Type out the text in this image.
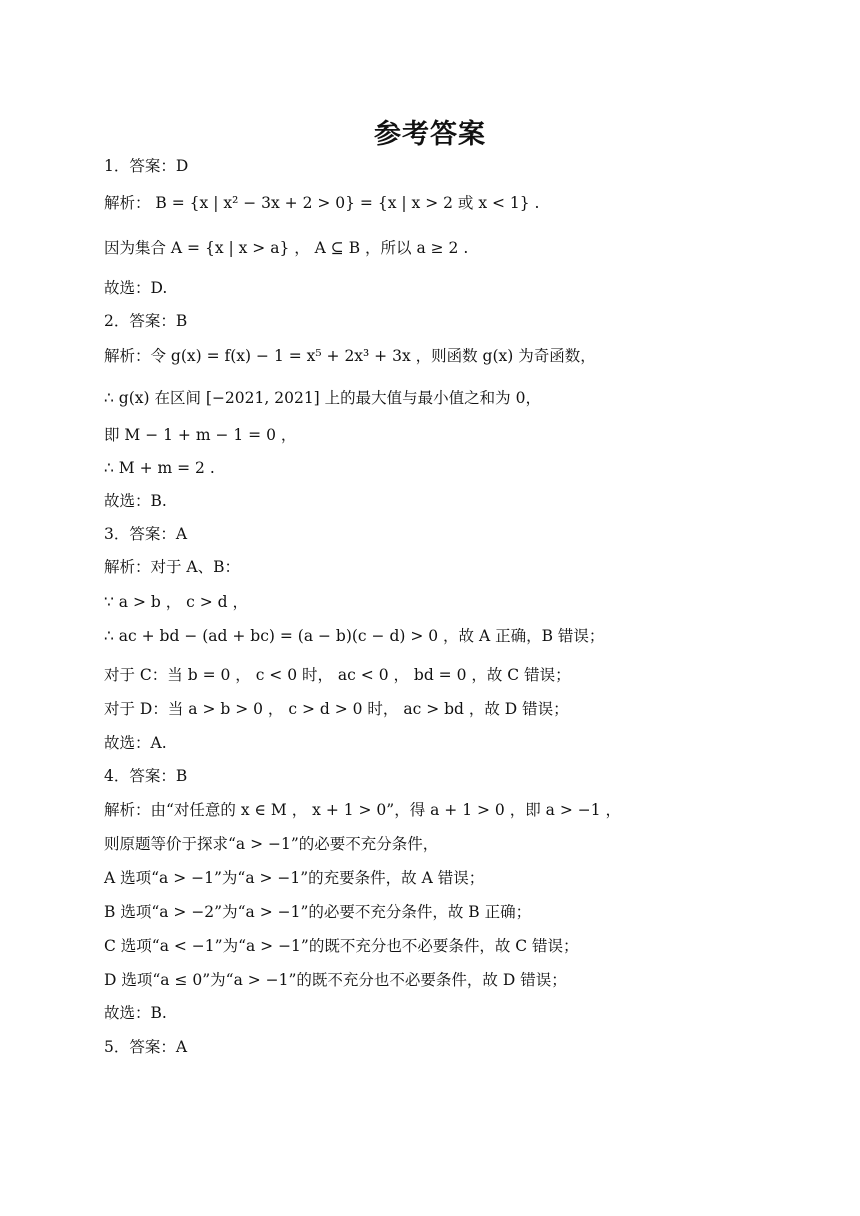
参考答案
1．答案：D
解析： B = {x | x² − 3x + 2 > 0} = {x | x > 2 或 x < 1} .
因为集合 A = {x | x > a} ， A ⊆ B ，所以 a ≥ 2 .
故选：D.
2．答案：B
解析：令 g(x) = f(x) − 1 = x⁵ + 2x³ + 3x ，则函数 g(x) 为奇函数，
∴ g(x) 在区间 [−2021, 2021] 上的最大值与最小值之和为 0，
即 M − 1 + m − 1 = 0 ，
∴ M + m = 2 .
故选：B.
3．答案：A
解析：对于 A、B：
∵ a > b ， c > d ，
∴ ac + bd − (ad + bc) = (a − b)(c − d) > 0 ，故 A 正确，B 错误；
对于 C：当 b = 0 ， c < 0 时， ac < 0 ， bd = 0 ，故 C 错误；
对于 D：当 a > b > 0 ， c > d > 0 时， ac > bd ，故 D 错误；
故选：A.
4．答案：B
解析：由“对任意的 x ∈ M ， x + 1 > 0”，得 a + 1 > 0 ，即 a > −1 ，
则原题等价于探求“a > −1”的必要不充分条件，
A 选项“a > −1”为“a > −1”的充要条件，故 A 错误；
B 选项“a > −2”为“a > −1”的必要不充分条件，故 B 正确；
C 选项“a < −1”为“a > −1”的既不充分也不必要条件，故 C 错误；
D 选项“a ≤ 0”为“a > −1”的既不充分也不必要条件，故 D 错误；
故选：B.
5．答案：A
